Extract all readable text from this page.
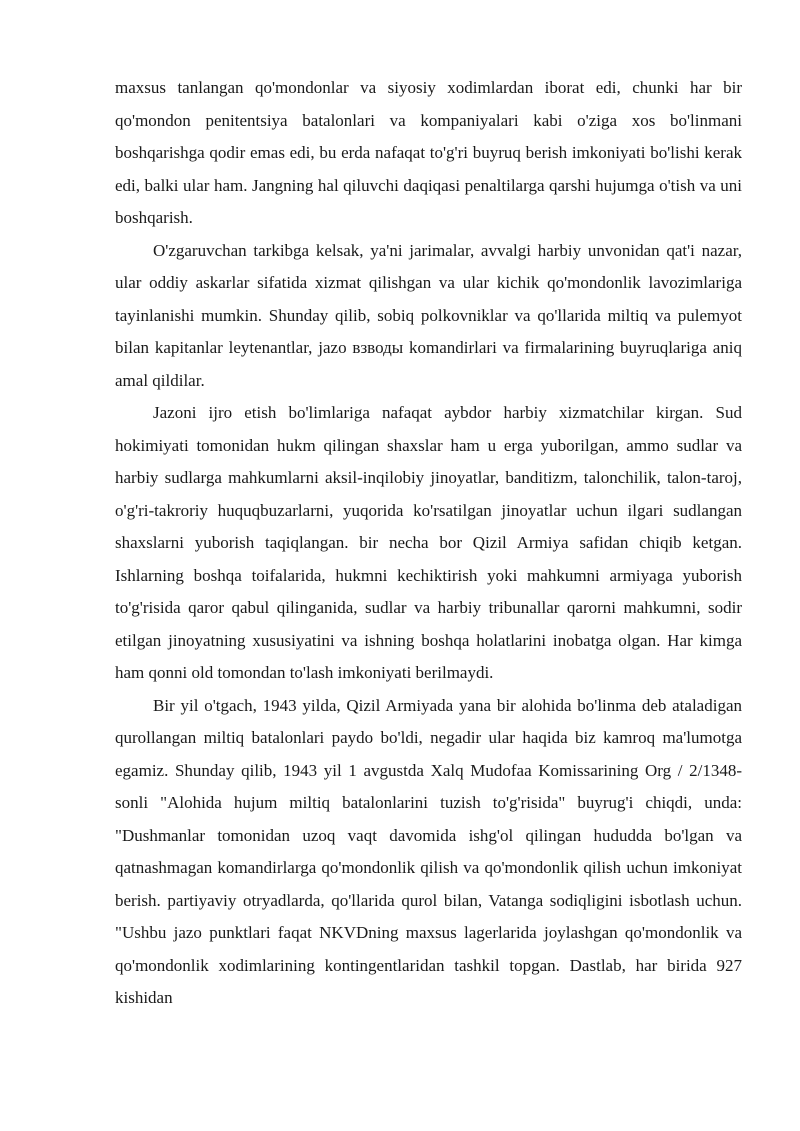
maxsus tanlangan qo'mondonlar va siyosiy xodimlardan iborat edi, chunki har bir qo'mondon penitentsiya batalonlari va kompaniyalari kabi o'ziga xos bo'linmani boshqarishga qodir emas edi, bu erda nafaqat to'g'ri buyruq berish imkoniyati bo'lishi kerak edi, balki ular ham. Jangning hal qiluvchi daqiqasi penaltilarga qarshi hujumga o'tish va uni boshqarish.

O'zgaruvchan tarkibga kelsak, ya'ni jarimalar, avvalgi harbiy unvonidan qat'i nazar, ular oddiy askarlar sifatida xizmat qilishgan va ular kichik qo'mondonlik lavozimlariga tayinlanishi mumkin. Shunday qilib, sobiq polkovniklar va qo'llarida miltiq va pulemyot bilan kapitanlar leytenantlar, jazo взводы komandirlari va firmalarining buyruqlariga aniq amal qildilar.

Jazoni ijro etish bo'limlariga nafaqat aybdor harbiy xizmatchilar kirgan. Sud hokimiyati tomonidan hukm qilingan shaxslar ham u erga yuborilgan, ammo sudlar va harbiy sudlarga mahkumlarni aksil-inqilobiy jinoyatlar, banditizm, talonchilik, talon-taroj, o'g'ri-takroriy huquqbuzarlarni, yuqorida ko'rsatilgan jinoyatlar uchun ilgari sudlangan shaxslarni yuborish taqiqlangan. bir necha bor Qizil Armiya safidan chiqib ketgan. Ishlarning boshqa toifalarida, hukmni kechiktirish yoki mahkumni armiyaga yuborish to'g'risida qaror qabul qilinganida, sudlar va harbiy tribunallar qarorni mahkumni, sodir etilgan jinoyatning xususiyatini va ishning boshqa holatlarini inobatga olgan. Har kimga ham qonni old tomondan to'lash imkoniyati berilmaydi.

Bir yil o'tgach, 1943 yilda, Qizil Armiyada yana bir alohida bo'linma deb ataladigan qurollangan miltiq batalonlari paydo bo'ldi, negadir ular haqida biz kamroq ma'lumotga egamiz. Shunday qilib, 1943 yil 1 avgustda Xalq Mudofaa Komissarining Org / 2/1348-sonli "Alohida hujum miltiq batalonlarini tuzish to'g'risida" buyrug'i chiqdi, unda: "Dushmanlar tomonidan uzoq vaqt davomida ishg'ol qilingan hududda bo'lgan va qatnashmagan komandirlarga qo'mondonlik qilish va qo'mondonlik qilish uchun imkoniyat berish. partiyaviy otryadlarda, qo'llarida qurol bilan, Vatanga sodiqligini isbotlash uchun. "Ushbu jazo punktlari faqat NKVDning maxsus lagerlarida joylashgan qo'mondonlik va qo'mondonlik xodimlarining kontingentlaridan tashkil topgan. Dastlab, har birida 927 kishidan
